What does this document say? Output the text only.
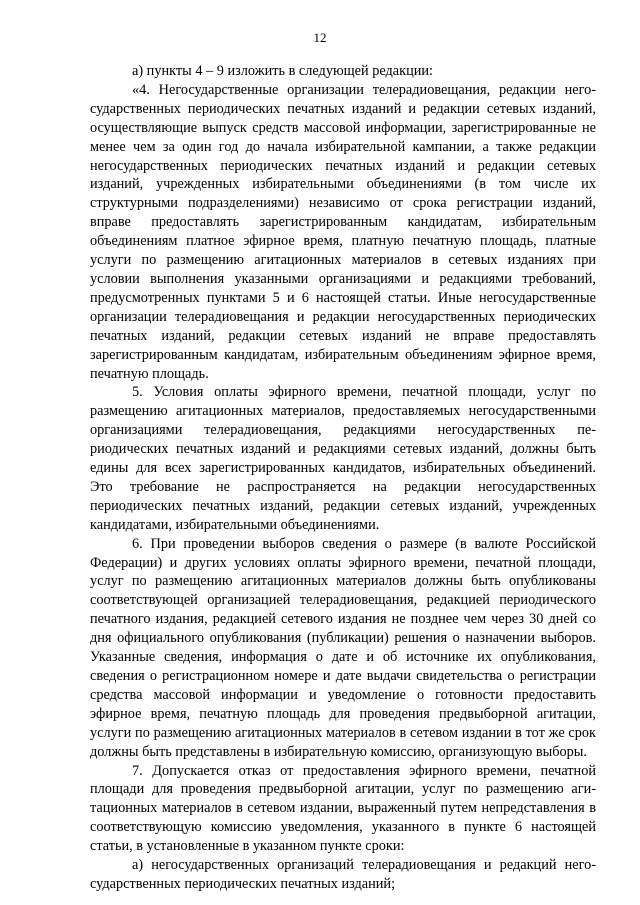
12

а) пункты 4 – 9 изложить в следующей редакции:

«4. Негосударственные организации телерадиовещания, редакции негосударственных периодических печатных изданий и редакции сетевых изданий, осуществляющие выпуск средств массовой информации, зарегистрированные не менее чем за один год до начала избирательной кампании, а также редакции негосударственных периодических печатных изданий и редакции сетевых изданий, учрежденных избирательными объединениями (в том числе их структурными подразделениями) независимо от срока регистрации изданий, вправе предоставлять зарегистрированным кандидатам, избирательным объединениям платное эфирное время, платную печатную площадь, платные услуги по размещению агитационных материалов в сетевых изданиях при условии выполнения указанными организациями и редакциями требований, предусмотренных пунктами 5 и 6 настоящей статьи. Иные негосударственные организации телерадиовещания и редакции негосударственных периодических печатных изданий, редакции сетевых изданий не вправе предоставлять зарегистрированным кандидатам, избирательным объединениям эфирное время, печатную площадь.

5. Условия оплаты эфирного времени, печатной площади, услуг по размещению агитационных материалов, предоставляемых негосударственными организациями телерадиовещания, редакциями негосударственных периодических печатных изданий и редакциями сетевых изданий, должны быть едины для всех зарегистрированных кандидатов, избирательных объединений. Это требование не распространяется на редакции негосударственных периодических печатных изданий, редакции сетевых изданий, учрежденных кандидатами, избирательными объединениями.

6. При проведении выборов сведения о размере (в валюте Российской Федерации) и других условиях оплаты эфирного времени, печатной площади, услуг по размещению агитационных материалов должны быть опубликованы соответствующей организацией телерадиовещания, редакцией периодического печатного издания, редакцией сетевого издания не позднее чем через 30 дней со дня официального опубликования (публикации) решения о назначении выборов. Указанные сведения, информация о дате и об источнике их опубликования, сведения о регистрационном номере и дате выдачи свидетельства о регистрации средства массовой информации и уведомление о готовности предоставить эфирное время, печатную площадь для проведения предвыборной агитации, услуги по размещению агитационных материалов в сетевом издании в тот же срок должны быть представлены в избирательную комиссию, организующую выборы.

7. Допускается отказ от предоставления эфирного времени, печатной площади для проведения предвыборной агитации, услуг по размещению агитационных материалов в сетевом издании, выраженный путем непредставления в соответствующую комиссию уведомления, указанного в пункте 6 настоящей статьи, в установленные в указанном пункте сроки:

а) негосударственных организаций телерадиовещания и редакций негосударственных периодических печатных изданий;
